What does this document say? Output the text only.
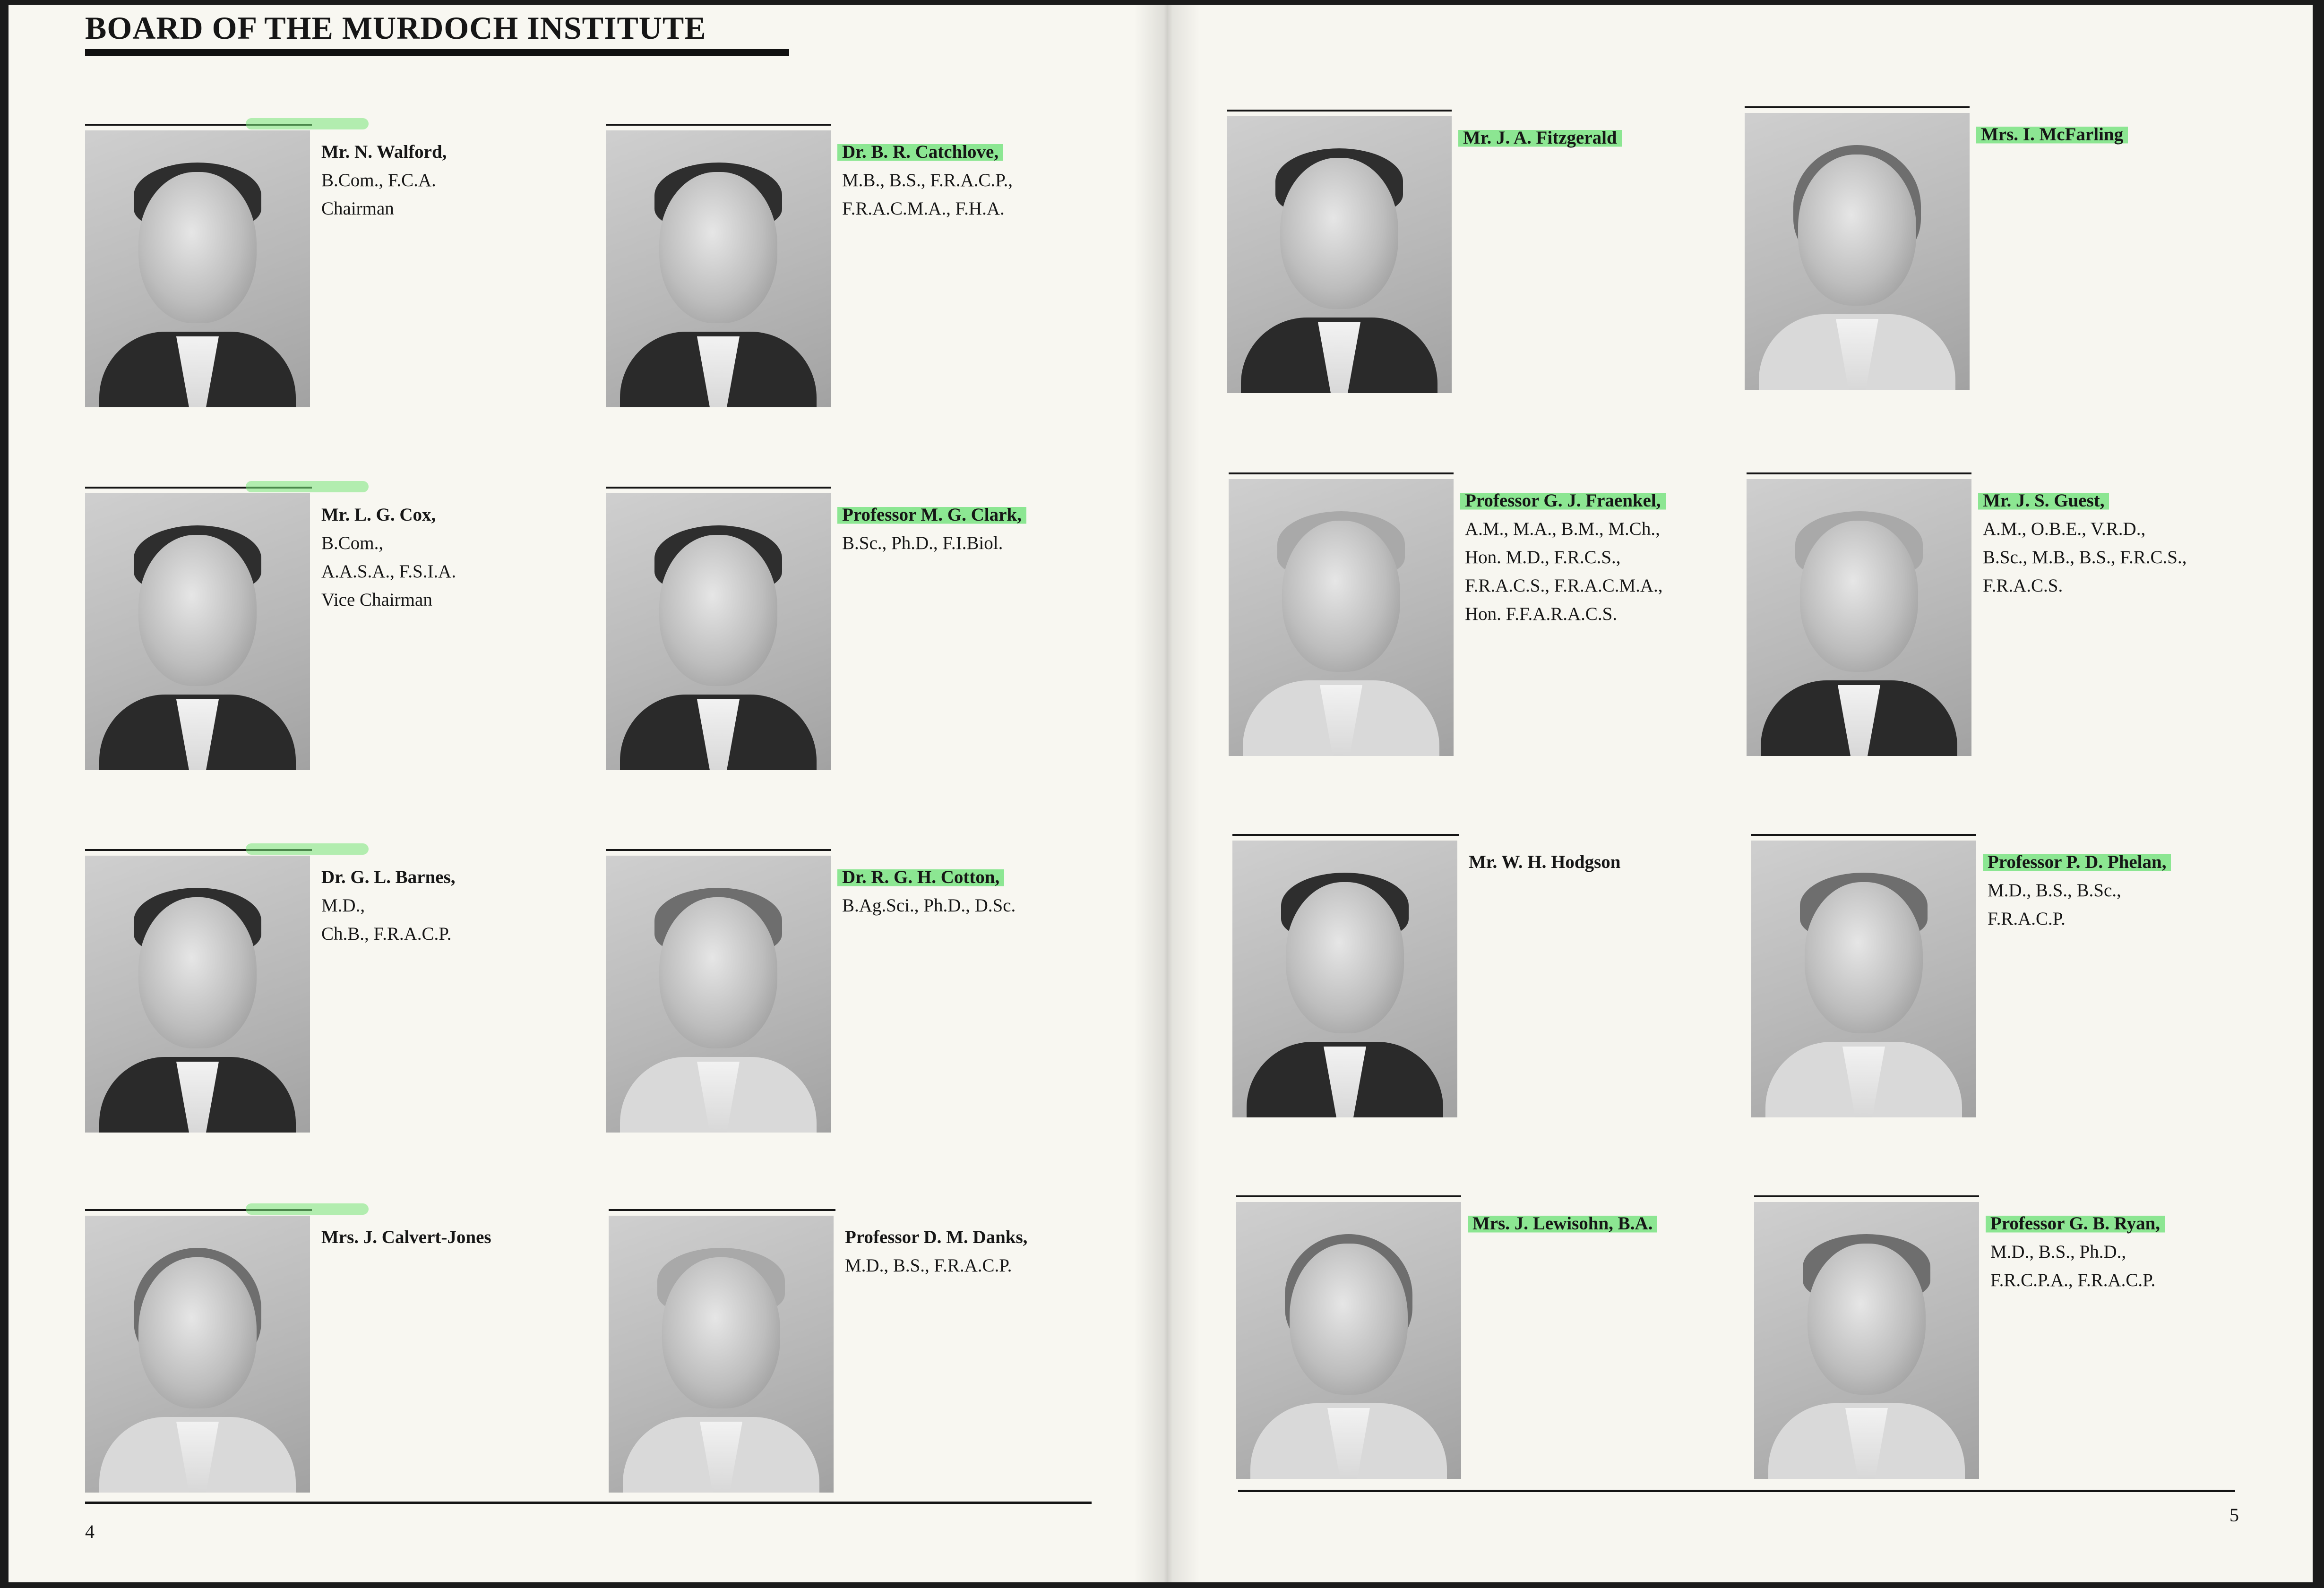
BOARD OF THE MURDOCH INSTITUTE
Mr. N. Walford,
B.Com., F.C.A.
Chairman
Dr. B. R. Catchlove,
M.B., B.S., F.R.A.C.P.,
F.R.A.C.M.A., F.H.A.
Mr. L. G. Cox,
B.Com.,
A.A.S.A., F.S.I.A.
Vice Chairman
Professor M. G. Clark,
B.Sc., Ph.D., F.I.Biol.
Dr. G. L. Barnes,
M.D.,
Ch.B., F.R.A.C.P.
Dr. R. G. H. Cotton,
B.Ag.Sci., Ph.D., D.Sc.
Mrs. J. Calvert-Jones	Professor D. M. Danks,
M.D., B.S., F.R.A.C.P.
Mr. J. A. Fitzgerald	Mrs. I. McFarling
Professor G. J. Fraenkel,
A.M., M.A., B.M., M.Ch.,
Hon. M.D., F.R.C.S.,
F.R.A.C.S., F.R.A.C.M.A.,
Hon. F.F.A.R.A.C.S.
Mr. J. S. Guest,
A.M., O.B.E., V.R.D.,
B.Sc., M.B., B.S., F.R.C.S.,
F.R.A.C.S.
Mr. W. H. Hodgson	Professor P. D. Phelan,
M.D., B.S., B.Sc.,
F.R.A.C.P.
Mrs. J. Lewisohn, B.A.	Professor G. B. Ryan,
M.D., B.S., Ph.D.,
F.R.C.P.A., F.R.A.C.P.
4
5
